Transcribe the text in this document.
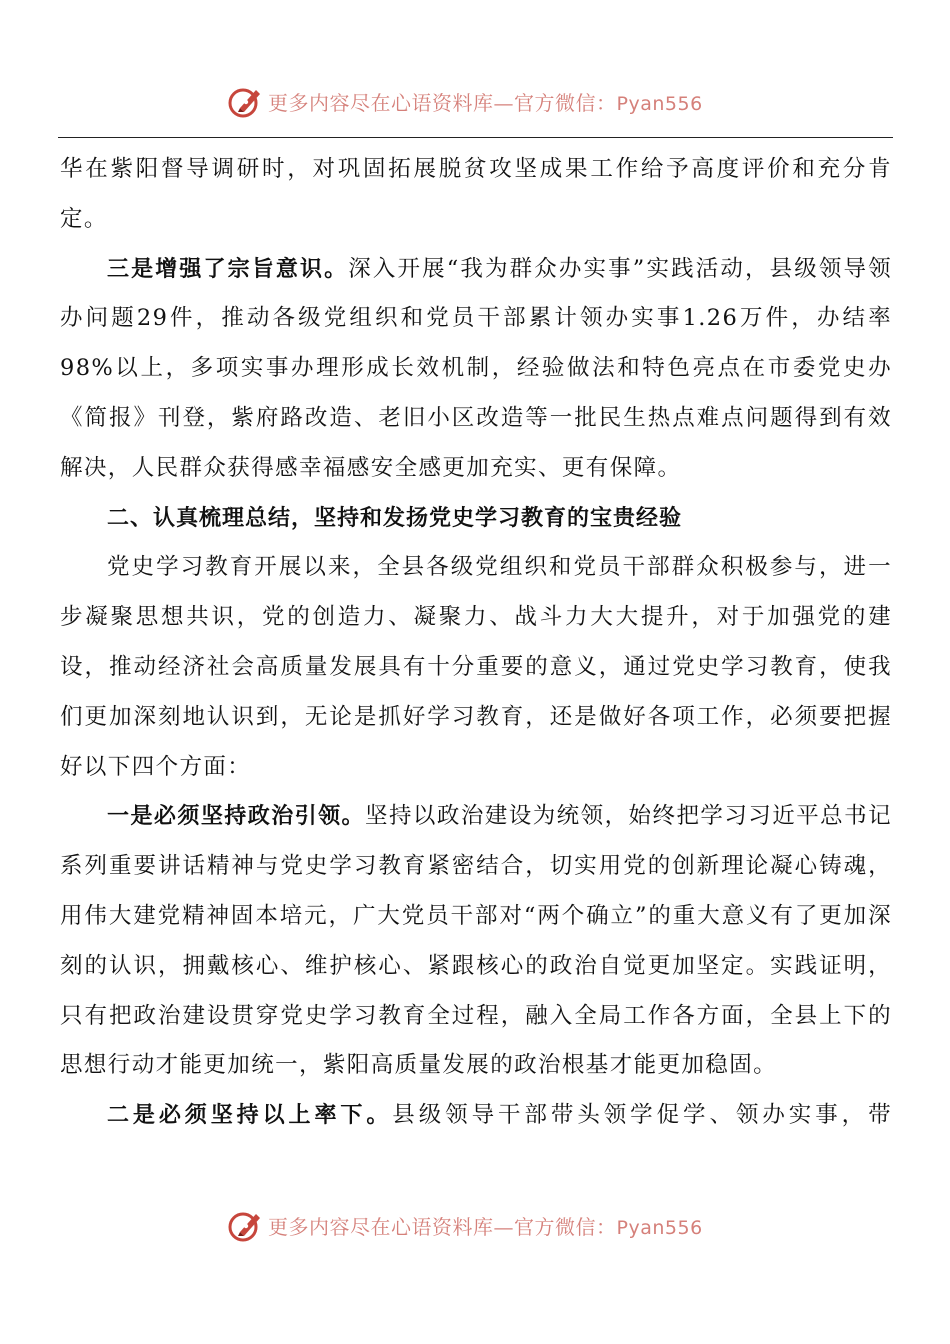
更多内容尽在心语资料库—官方微信：Pyan556

华在紫阳督导调研时，对巩固拓展脱贫攻坚成果工作给予高度评价和充分肯定。

三是增强了宗旨意识。深入开展“我为群众办实事”实践活动，县级领导领办问题29件，推动各级党组织和党员干部累计领办实事1.26万件，办结率98%以上，多项实事办理形成长效机制，经验做法和特色亮点在市委党史办《简报》刊登，紫府路改造、老旧小区改造等一批民生热点难点问题得到有效解决，人民群众获得感幸福感安全感更加充实、更有保障。

二、认真梳理总结，坚持和发扬党史学习教育的宝贵经验

党史学习教育开展以来，全县各级党组织和党员干部群众积极参与，进一步凝聚思想共识，党的创造力、凝聚力、战斗力大大提升，对于加强党的建设，推动经济社会高质量发展具有十分重要的意义，通过党史学习教育，使我们更加深刻地认识到，无论是抓好学习教育，还是做好各项工作，必须要把握好以下四个方面：

一是必须坚持政治引领。坚持以政治建设为统领，始终把学习习近平总书记系列重要讲话精神与党史学习教育紧密结合，切实用党的创新理论凝心铸魂，用伟大建党精神固本培元，广大党员干部对“两个确立”的重大意义有了更加深刻的认识，拥戴核心、维护核心、紧跟核心的政治自觉更加坚定。实践证明，只有把政治建设贯穿党史学习教育全过程，融入全局工作各方面，全县上下的思想行动才能更加统一，紫阳高质量发展的政治根基才能更加稳固。

二是必须坚持以上率下。县级领导干部带头领学促学、领办实事，带

更多内容尽在心语资料库—官方微信：Pyan556
